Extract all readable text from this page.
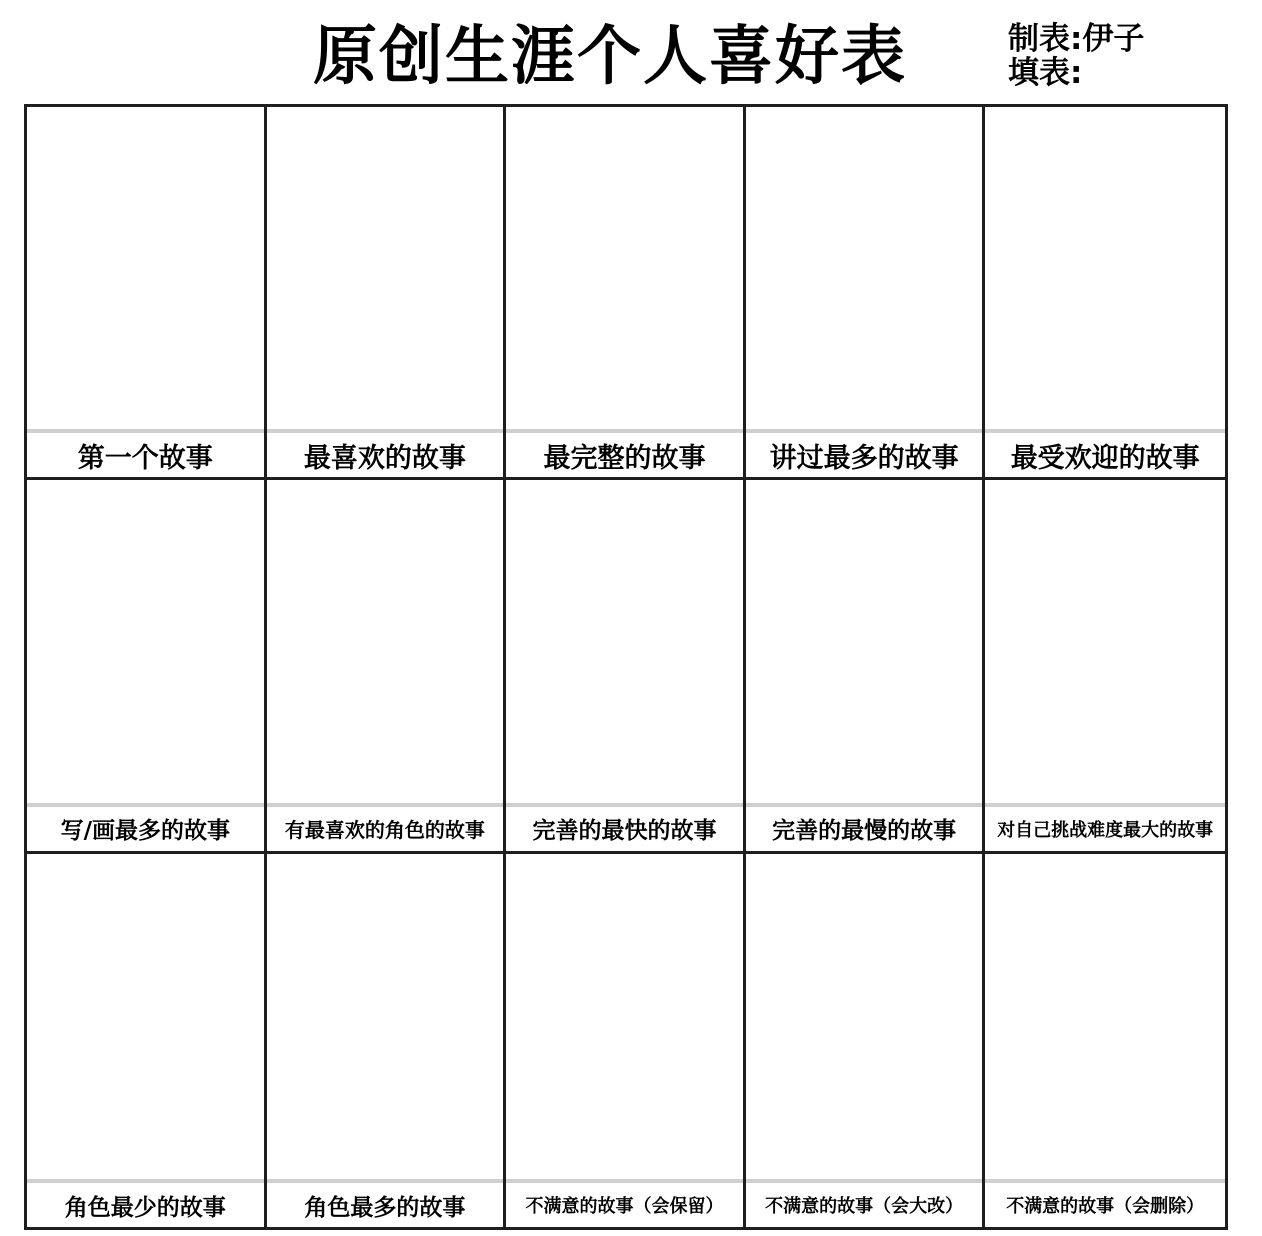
原创生涯个人喜好表	制表: 伊子
填表:
第一个故事	最喜欢的故事	最完整的故事	讲过最多的故事	最受欢迎的故事
写/画最多的故事	有最喜欢的角色的故事	完善的最快的故事	完善的最慢的故事	对自己挑战难度最大的故事
角色最少的故事	角色最多的故事	不满意的故事（会保留）	不满意的故事（会大改）	不满意的故事（会删除）
